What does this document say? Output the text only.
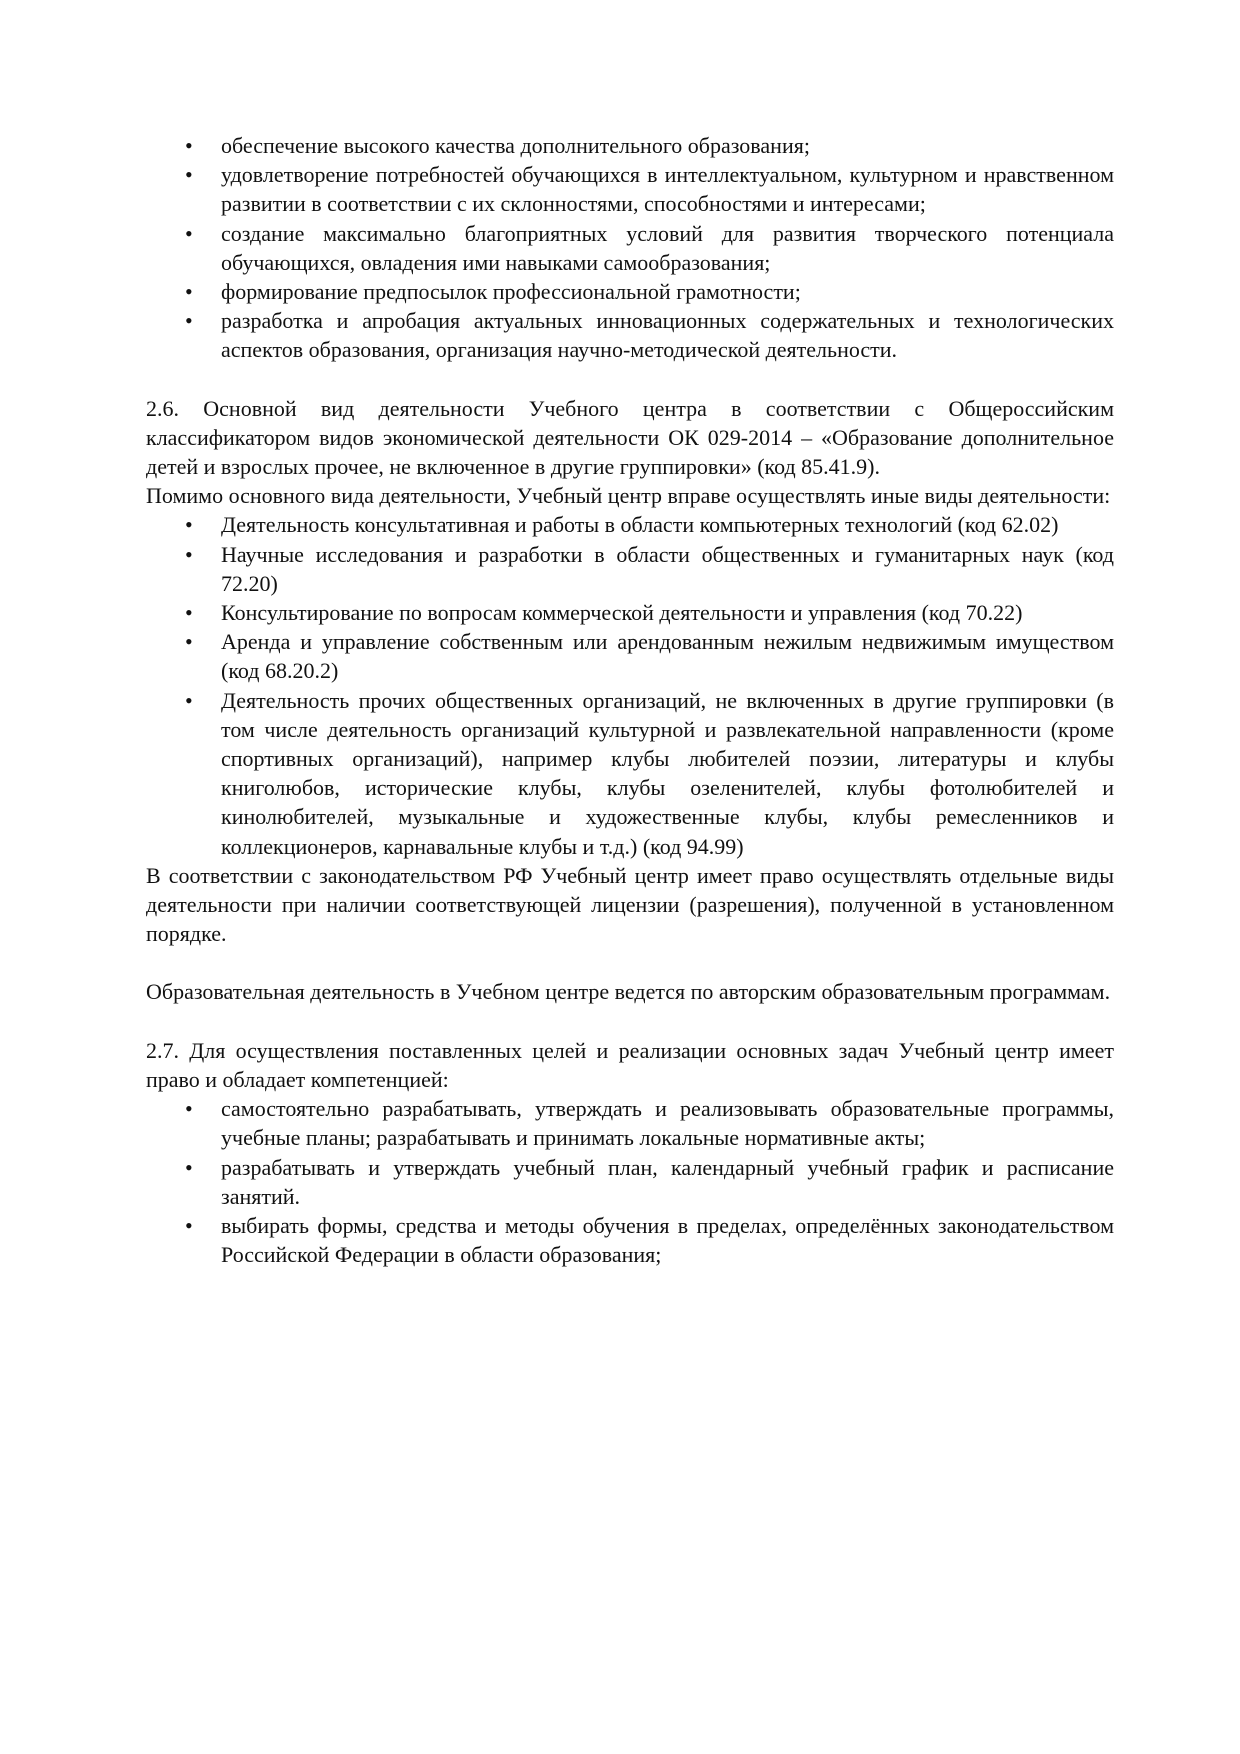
• обеспечение высокого качества дополнительного образования;
• удовлетворение потребностей обучающихся в интеллектуальном, культурном и нравственном развитии в соответствии с их склонностями, способностями и интересами;
• создание максимально благоприятных условий для развития творческого потенциала обучающихся, овладения ими навыками самообразования;
• формирование предпосылок профессиональной грамотности;
• разработка и апробация актуальных инновационных содержательных и технологических аспектов образования, организация научно-методической деятельности.

2.6. Основной вид деятельности Учебного центра в соответствии с Общероссийским классификатором видов экономической деятельности ОК 029-2014 – «Образование дополнительное детей и взрослых прочее, не включенное в другие группировки» (код 85.41.9).

Помимо основного вида деятельности, Учебный центр вправе осуществлять иные виды деятельности:

• Деятельность консультативная и работы в области компьютерных технологий (код 62.02)
• Научные исследования и разработки в области общественных и гуманитарных наук (код 72.20)
• Консультирование по вопросам коммерческой деятельности и управления (код 70.22)
• Аренда и управление собственным или арендованным нежилым недвижимым имуществом (код 68.20.2)
• Деятельность прочих общественных организаций, не включенных в другие группировки (в том числе деятельность организаций культурной и развлекательной направленности (кроме спортивных организаций), например клубы любителей поэзии, литературы и клубы книголюбов, исторические клубы, клубы озеленителей, клубы фотолюбителей и кинолюбителей, музыкальные и художественные клубы, клубы ремесленников и коллекционеров, карнавальные клубы и т.д.) (код 94.99)

В соответствии с законодательством РФ Учебный центр имеет право осуществлять отдельные виды деятельности при наличии соответствующей лицензии (разрешения), полученной в установленном порядке.

Образовательная деятельность в Учебном центре ведется по авторским образовательным программам.

2.7. Для осуществления поставленных целей и реализации основных задач Учебный центр имеет право и обладает компетенцией:

• самостоятельно разрабатывать, утверждать и реализовывать образовательные программы, учебные планы; разрабатывать и принимать локальные нормативные акты;
• разрабатывать и утверждать учебный план, календарный учебный график и расписание занятий.
• выбирать формы, средства и методы обучения в пределах, определённых законодательством Российской Федерации в области образования;
